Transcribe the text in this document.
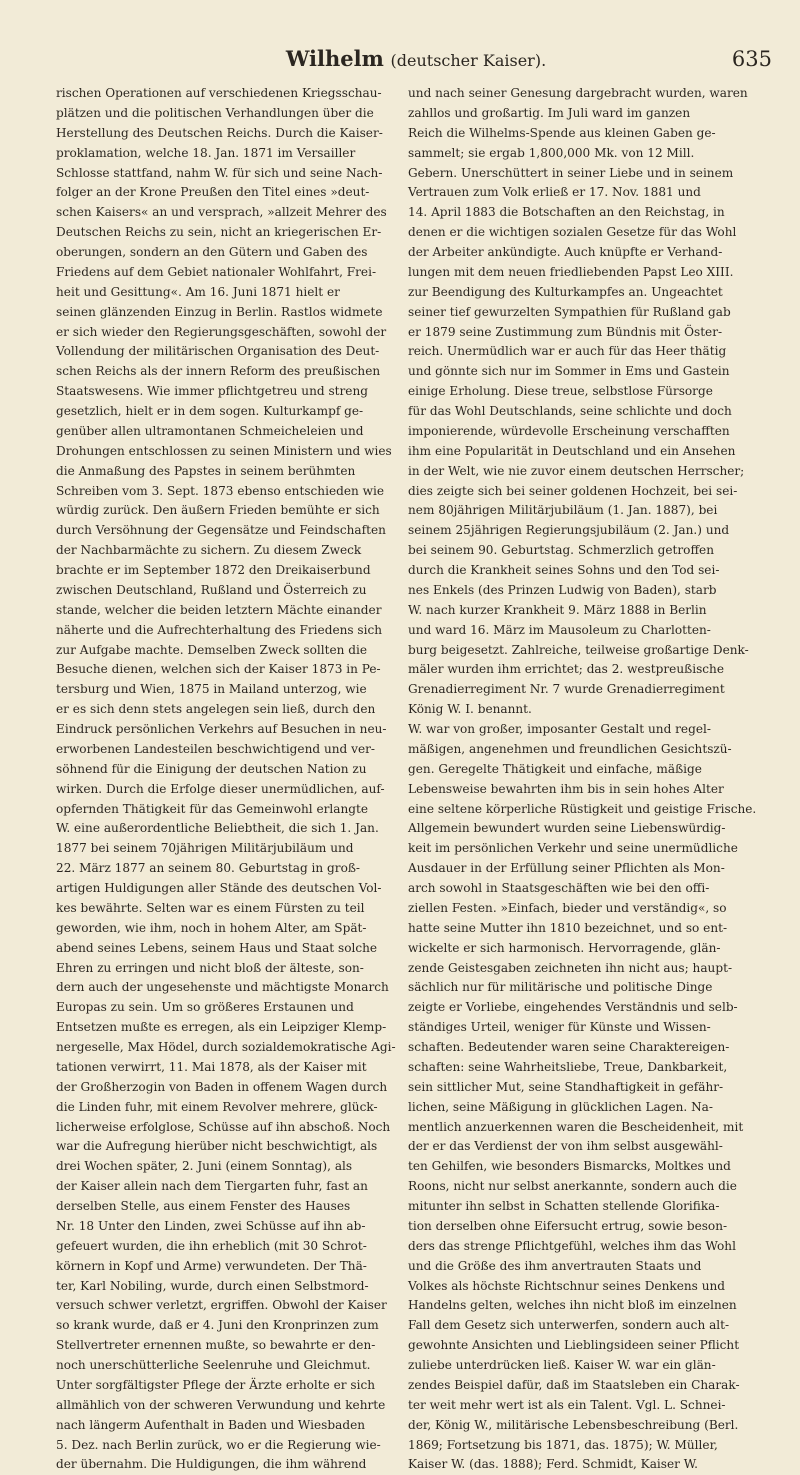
Wilhelm (deutscher Kaiser).	635
rischen Operationen auf verschiedenen Kriegsschau-
plätzen und die politischen Verhandlungen über die
Herstellung des Deutschen Reichs. Durch die Kaiser-
proklamation, welche 18. Jan. 1871 im Versailler
Schlosse stattfand, nahm W. für sich und seine Nach-
folger an der Krone Preußen den Titel eines »deut-
schen Kaisers« an und versprach, »allzeit Mehrer des
Deutschen Reichs zu sein, nicht an kriegerischen Er-
oberungen, sondern an den Gütern und Gaben des
Friedens auf dem Gebiet nationaler Wohlfahrt, Frei-
heit und Gesittung«. Am 16. Juni 1871 hielt er
seinen glänzenden Einzug in Berlin. Rastlos widmete
er sich wieder den Regierungsgeschäften, sowohl der
Vollendung der militärischen Organisation des Deut-
schen Reichs als der innern Reform des preußischen
Staatswesens. Wie immer pflichtgetreu und streng
gesetzlich, hielt er in dem sogen. Kulturkampf ge-
genüber allen ultramontanen Schmeicheleien und
Drohungen entschlossen zu seinen Ministern und wies
die Anmaßung des Papstes in seinem berühmten
Schreiben vom 3. Sept. 1873 ebenso entschieden wie
würdig zurück. Den äußern Frieden bemühte er sich
durch Versöhnung der Gegensätze und Feindschaften
der Nachbarmächte zu sichern. Zu diesem Zweck
brachte er im September 1872 den Dreikaiserbund
zwischen Deutschland, Rußland und Österreich zu
stande, welcher die beiden letztern Mächte einander
näherte und die Aufrechterhaltung des Friedens sich
zur Aufgabe machte. Demselben Zweck sollten die
Besuche dienen, welchen sich der Kaiser 1873 in Pe-
tersburg und Wien, 1875 in Mailand unterzog, wie
er es sich denn stets angelegen sein ließ, durch den
Eindruck persönlichen Verkehrs auf Besuchen in neu-
erworbenen Landesteilen beschwichtigend und ver-
söhnend für die Einigung der deutschen Nation zu
wirken. Durch die Erfolge dieser unermüdlichen, auf-
opfernden Thätigkeit für das Gemeinwohl erlangte
W. eine außerordentliche Beliebtheit, die sich 1. Jan.
1877 bei seinem 70jährigen Militärjubiläum und
22. März 1877 an seinem 80. Geburtstag in groß-
artigen Huldigungen aller Stände des deutschen Vol-
kes bewährte. Selten war es einem Fürsten zu teil
geworden, wie ihm, noch in hohem Alter, am Spät-
abend seines Lebens, seinem Haus und Staat solche
Ehren zu erringen und nicht bloß der älteste, son-
dern auch der ungesehenste und mächtigste Monarch
Europas zu sein. Um so größeres Erstaunen und
Entsetzen mußte es erregen, als ein Leipziger Klemp-
nergeselle, Max Hödel, durch sozialdemokratische Agi-
tationen verwirrt, 11. Mai 1878, als der Kaiser mit
der Großherzogin von Baden in offenem Wagen durch
die Linden fuhr, mit einem Revolver mehrere, glück-
licherweise erfolglose, Schüsse auf ihn abschoß. Noch
war die Aufregung hierüber nicht beschwichtigt, als
drei Wochen später, 2. Juni (einem Sonntag), als
der Kaiser allein nach dem Tiergarten fuhr, fast an
derselben Stelle, aus einem Fenster des Hauses
Nr. 18 Unter den Linden, zwei Schüsse auf ihn ab-
gefeuert wurden, die ihn erheblich (mit 30 Schrot-
körnern in Kopf und Arme) verwundeten. Der Thä-
ter, Karl Nobiling, wurde, durch einen Selbstmord-
versuch schwer verletzt, ergriffen. Obwohl der Kaiser
so krank wurde, daß er 4. Juni den Kronprinzen zum
Stellvertreter ernennen mußte, so bewahrte er den-
noch unerschütterliche Seelenruhe und Gleichmut.
Unter sorgfältigster Pflege der Ärzte erholte er sich
allmählich von der schweren Verwundung und kehrte
nach längerm Aufenthalt in Baden und Wiesbaden
5. Dez. nach Berlin zurück, wo er die Regierung wie-
der übernahm. Die Huldigungen, die ihm während
und nach seiner Genesung dargebracht wurden, waren
zahllos und großartig. Im Juli ward im ganzen
Reich die Wilhelms-Spende aus kleinen Gaben ge-
sammelt; sie ergab 1,800,000 Mk. von 12 Mill.
Gebern. Unerschüttert in seiner Liebe und in seinem
Vertrauen zum Volk erließ er 17. Nov. 1881 und
14. April 1883 die Botschaften an den Reichstag, in
denen er die wichtigen sozialen Gesetze für das Wohl
der Arbeiter ankündigte. Auch knüpfte er Verhand-
lungen mit dem neuen friedliebenden Papst Leo XIII.
zur Beendigung des Kulturkampfes an. Ungeachtet
seiner tief gewurzelten Sympathien für Rußland gab
er 1879 seine Zustimmung zum Bündnis mit Öster-
reich. Unermüdlich war er auch für das Heer thätig
und gönnte sich nur im Sommer in Ems und Gastein
einige Erholung. Diese treue, selbstlose Fürsorge
für das Wohl Deutschlands, seine schlichte und doch
imponierende, würdevolle Erscheinung verschafften
ihm eine Popularität in Deutschland und ein Ansehen
in der Welt, wie nie zuvor einem deutschen Herrscher;
dies zeigte sich bei seiner goldenen Hochzeit, bei sei-
nem 80jährigen Militärjubiläum (1. Jan. 1887), bei
seinem 25jährigen Regierungsjubiläum (2. Jan.) und
bei seinem 90. Geburtstag. Schmerzlich getroffen
durch die Krankheit seines Sohns und den Tod sei-
nes Enkels (des Prinzen Ludwig von Baden), starb
W. nach kurzer Krankheit 9. März 1888 in Berlin
und ward 16. März im Mausoleum zu Charlotten-
burg beigesetzt. Zahlreiche, teilweise großartige Denk-
mäler wurden ihm errichtet; das 2. westpreußische
Grenadierregiment Nr. 7 wurde Grenadierregiment
König W. I. benannt.
W. war von großer, imposanter Gestalt und regel-
mäßigen, angenehmen und freundlichen Gesichtszü-
gen. Geregelte Thätigkeit und einfache, mäßige
Lebensweise bewahrten ihm bis in sein hohes Alter
eine seltene körperliche Rüstigkeit und geistige Frische.
Allgemein bewundert wurden seine Liebenswürdig-
keit im persönlichen Verkehr und seine unermüdliche
Ausdauer in der Erfüllung seiner Pflichten als Mon-
arch sowohl in Staatsgeschäften wie bei den offi-
ziellen Festen. »Einfach, bieder und verständig«, so
hatte seine Mutter ihn 1810 bezeichnet, und so ent-
wickelte er sich harmonisch. Hervorragende, glän-
zende Geistesgaben zeichneten ihn nicht aus; haupt-
sächlich nur für militärische und politische Dinge
zeigte er Vorliebe, eingehendes Verständnis und selb-
ständiges Urteil, weniger für Künste und Wissen-
schaften. Bedeutender waren seine Charaktereigen-
schaften: seine Wahrheitsliebe, Treue, Dankbarkeit,
sein sittlicher Mut, seine Standhaftigkeit in gefähr-
lichen, seine Mäßigung in glücklichen Lagen. Na-
mentlich anzuerkennen waren die Bescheidenheit, mit
der er das Verdienst der von ihm selbst ausgewähl-
ten Gehilfen, wie besonders Bismarcks, Moltkes und
Roons, nicht nur selbst anerkannte, sondern auch die
mitunter ihn selbst in Schatten stellende Glorifika-
tion derselben ohne Eifersucht ertrug, sowie beson-
ders das strenge Pflichtgefühl, welches ihm das Wohl
und die Größe des ihm anvertrauten Staats und
Volkes als höchste Richtschnur seines Denkens und
Handelns gelten, welches ihn nicht bloß im einzelnen
Fall dem Gesetz sich unterwerfen, sondern auch alt-
gewohnte Ansichten und Lieblingsideen seiner Pflicht
zuliebe unterdrücken ließ. Kaiser W. war ein glän-
zendes Beispiel dafür, daß im Staatsleben ein Charak-
ter weit mehr wert ist als ein Talent. Vgl. L. Schnei-
der, König W., militärische Lebensbeschreibung (Berl.
1869; Fortsetzung bis 1871, das. 1875); W. Müller,
Kaiser W. (das. 1888); Ferd. Schmidt, Kaiser W.
